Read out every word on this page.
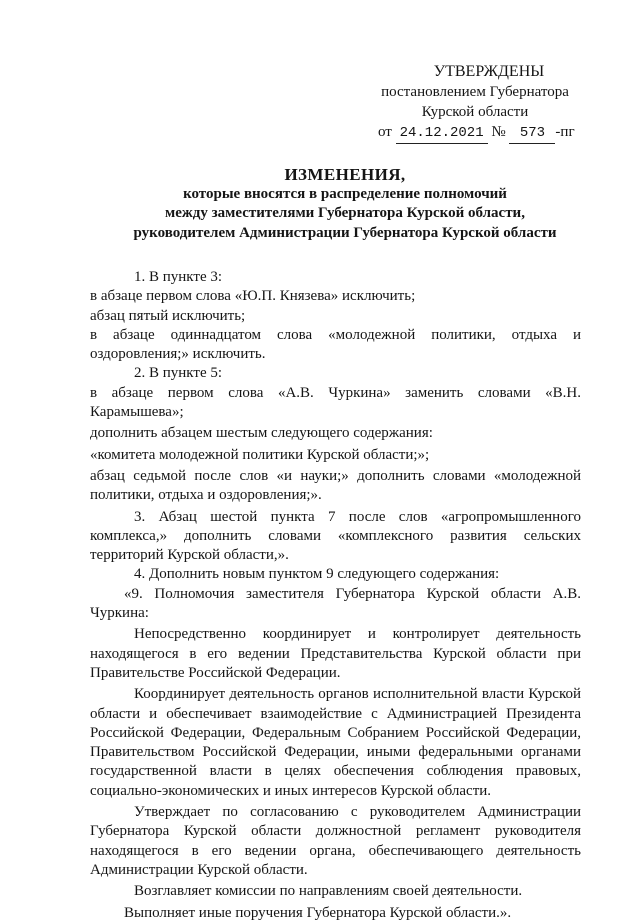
УТВЕРЖДЕНЫ
постановлением Губернатора
Курской области
от 24.12.2021 № 573 -пг
ИЗМЕНЕНИЯ,
которые вносятся в распределение полномочий
между заместителями Губернатора Курской области,
руководителем Администрации Губернатора Курской области

1. В пункте 3:

в абзаце первом слова «Ю.П. Князева» исключить;

абзац пятый исключить;

в абзаце одиннадцатом слова «молодежной политики, отдыха и оздоровления;» исключить.

2. В пункте 5:

в абзаце первом слова «А.В. Чуркина» заменить словами «В.Н. Карамышева»;

дополнить абзацем шестым следующего содержания:

«комитета молодежной политики Курской области;»;

абзац седьмой после слов «и науки;» дополнить словами «молодежной политики, отдыха и оздоровления;».

3. Абзац шестой пункта 7 после слов «агропромышленного комплекса,» дополнить словами «комплексного развития сельских территорий Курской области,».

4. Дополнить новым пунктом 9 следующего содержания:

«9. Полномочия заместителя Губернатора Курской области А.В. Чуркина:

Непосредственно координирует и контролирует деятельность находящегося в его ведении Представительства Курской области при Правительстве Российской Федерации.

Координирует деятельность органов исполнительной власти Курской области и обеспечивает взаимодействие с Администрацией Президента Российской Федерации, Федеральным Собранием Российской Федерации, Правительством Российской Федерации, иными федеральными органами государственной власти в целях обеспечения соблюдения правовых, социально-экономических и иных интересов Курской области.

Утверждает по согласованию с руководителем Администрации Губернатора Курской области должностной регламент руководителя находящегося в его ведении органа, обеспечивающего деятельность Администрации Курской области.

Возглавляет комиссии по направлениям своей деятельности.

Выполняет иные поручения Губернатора Курской области.».
